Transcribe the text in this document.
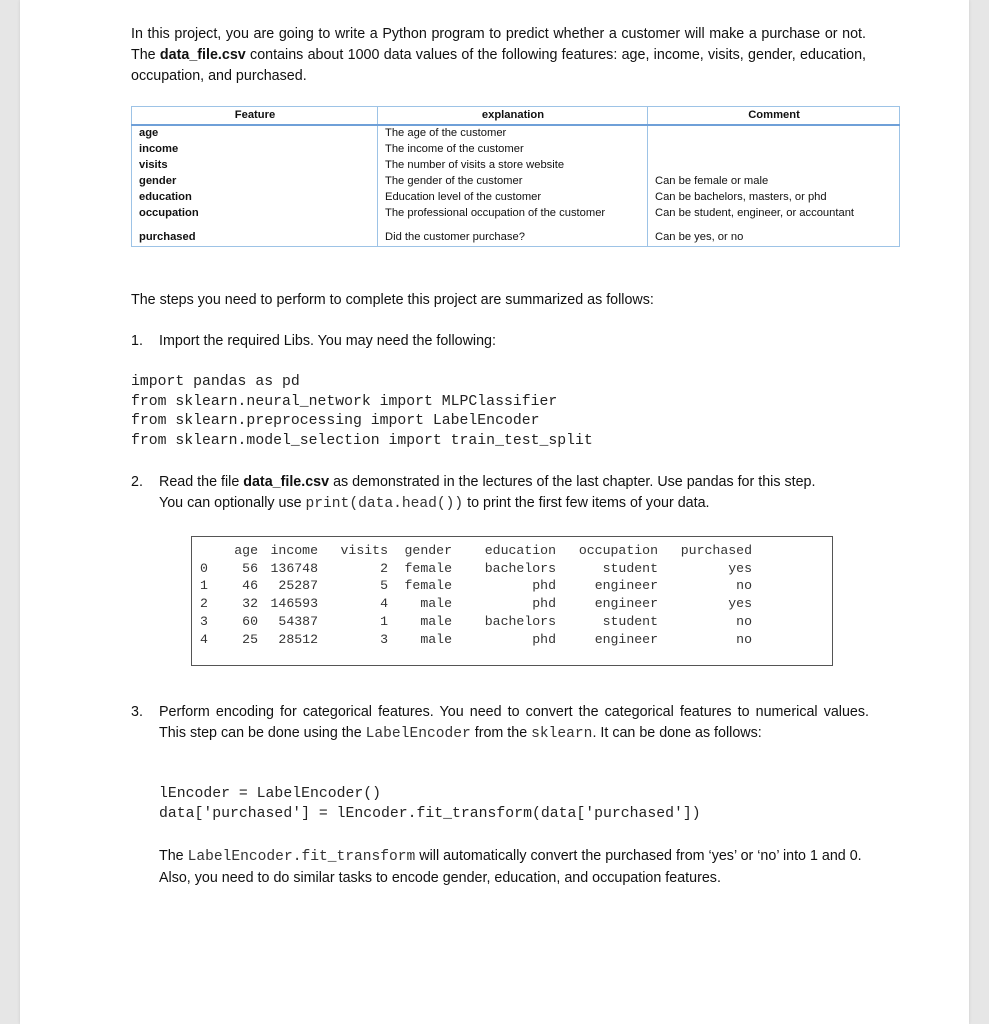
In this project, you are going to write a Python program to predict whether a customer will make a purchase or not. The data_file.csv contains about 1000 data values of the following features: age, income, visits, gender, education, occupation, and purchased.

Feature	explanation	Comment
age	The age of the customer	
income	The income of the customer	
visits	The number of visits a store website	
gender	The gender of the customer	Can be female or male
education	Education level of the customer	Can be bachelors, masters, or phd
occupation	The professional occupation of the customer	Can be student, engineer, or accountant
purchased	Did the customer purchase?	Can be yes, or no

The steps you need to perform to complete this project are summarized as follows:

1. Import the required Libs. You may need the following:
import pandas as pd
from sklearn.neural_network import MLPClassifier
from sklearn.preprocessing import LabelEncoder
from sklearn.model_selection import train_test_split
2. Read the file data_file.csv as demonstrated in the lectures of the last chapter. Use pandas for this step.
You can optionally use print(data.head()) to print the first few items of your data.
	age	income	visits	gender	education	occupation	purchased
0	56	136748	2	female	bachelors	student	yes
1	46	25287	5	female	phd	engineer	no
2	32	146593	4	male	phd	engineer	yes
3	60	54387	1	male	bachelors	student	no
4	25	28512	3	male	phd	engineer	no
3. Perform encoding for categorical features. You need to convert the categorical features to numerical values. This step can be done using the LabelEncoder from the sklearn. It can be done as follows:
lEncoder = LabelEncoder()
data['purchased'] = lEncoder.fit_transform(data['purchased'])

The LabelEncoder.fit_transform will automatically convert the purchased from ‘yes’ or ‘no’ into 1 and 0. Also, you need to do similar tasks to encode gender, education, and occupation features.
